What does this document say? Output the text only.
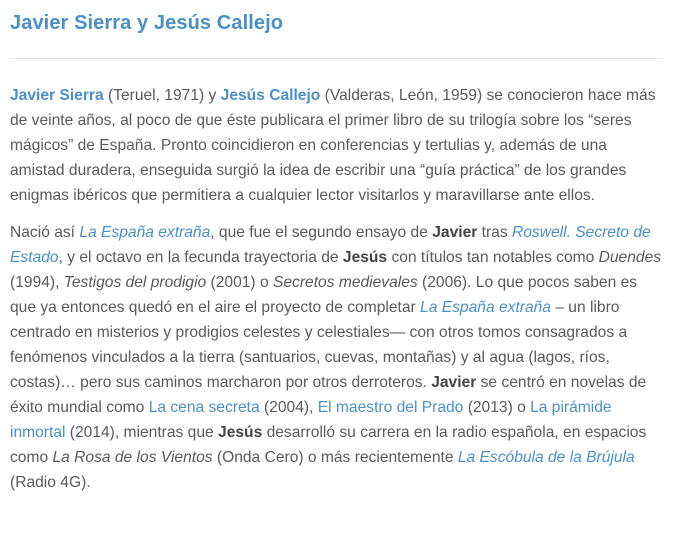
Javier Sierra y Jesús Callejo

Javier Sierra (Teruel, 1971) y Jesús Callejo (Valderas, León, 1959) se conocieron hace más de veinte años, al poco de que éste publicara el primer libro de su trilogía sobre los “seres mágicos” de España. Pronto coincidieron en conferencias y tertulias y, además de una amistad duradera, enseguida surgió la idea de escribir una “guía práctica” de los grandes enigmas ibéricos que permitiera a cualquier lector visitarlos y maravillarse ante ellos.

Nació así La España extraña, que fue el segundo ensayo de Javier tras Roswell. Secreto de Estado, y el octavo en la fecunda trayectoria de Jesús con títulos tan notables como Duendes (1994), Testigos del prodigio (2001) o Secretos medievales (2006). Lo que pocos saben es que ya entonces quedó en el aire el proyecto de completar La España extraña – un libro centrado en misterios y prodigios celestes y celestiales— con otros tomos consagrados a fenómenos vinculados a la tierra (santuarios, cuevas, montañas) y al agua (lagos, ríos, costas)… pero sus caminos marcharon por otros derroteros. Javier se centró en novelas de éxito mundial como La cena secreta (2004), El maestro del Prado (2013) o La pirámide inmortal (2014), mientras que Jesús desarrolló su carrera en la radio española, en espacios como La Rosa de los Vientos (Onda Cero) o más recientemente La Escóbula de la Brújula (Radio 4G).
